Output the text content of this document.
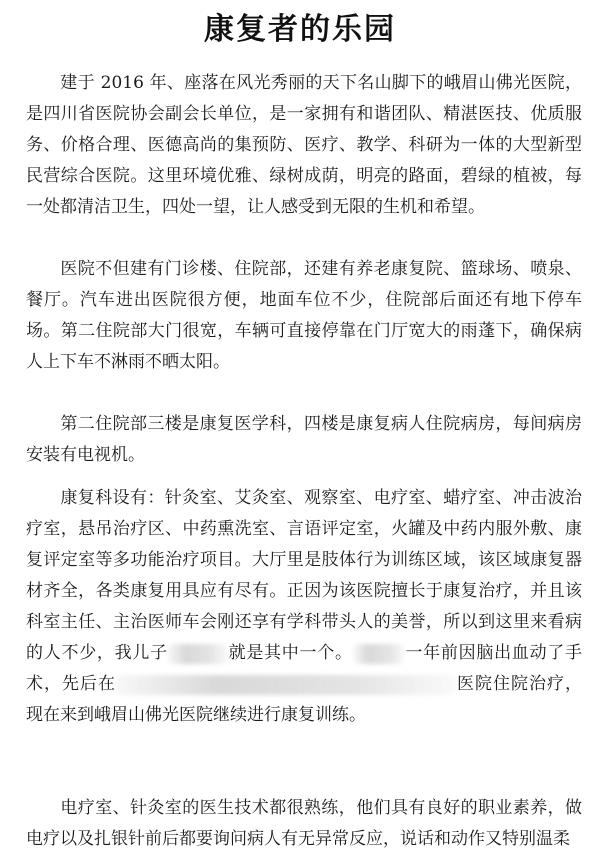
康复者的乐园

建于 2016 年、座落在风光秀丽的天下名山脚下的峨眉山佛光医院，是四川省医院协会副会长单位，是一家拥有和谐团队、精湛医技、优质服务、价格合理、医德高尚的集预防、医疗、教学、科研为一体的大型新型民营综合医院。这里环境优雅、绿树成荫，明亮的路面，碧绿的植被，每一处都清洁卫生，四处一望，让人感受到无限的生机和希望。

医院不但建有门诊楼、住院部，还建有养老康复院、篮球场、喷泉、餐厅。汽车进出医院很方便，地面车位不少，住院部后面还有地下停车场。第二住院部大门很宽，车辆可直接停靠在门厅宽大的雨蓬下，确保病人上下车不淋雨不晒太阳。

第二住院部三楼是康复医学科，四楼是康复病人住院病房，每间病房安装有电视机。

康复科设有：针灸室、艾灸室、观察室、电疗室、蜡疗室、冲击波治疗室，悬吊治疗区、中药熏洗室、言语评定室，火罐及中药内服外敷、康复评定室等多功能治疗项目。大厅里是肢体行为训练区域，该区域康复器材齐全，各类康复用具应有尽有。正因为该医院擅长于康复治疗，并且该科室主任、主治医师车会刚还享有学科带头人的美誉，所以到这里来看病的人不少，我儿子	就是其中一个。	一年前因脑出血动了手术，先后在	医院住院治疗，现在来到峨眉山佛光医院继续进行康复训练。

电疗室、针灸室的医生技术都很熟练，他们具有良好的职业素养，做电疗以及扎银针前后都要询问病人有无异常反应，说话和动作又特别温柔
